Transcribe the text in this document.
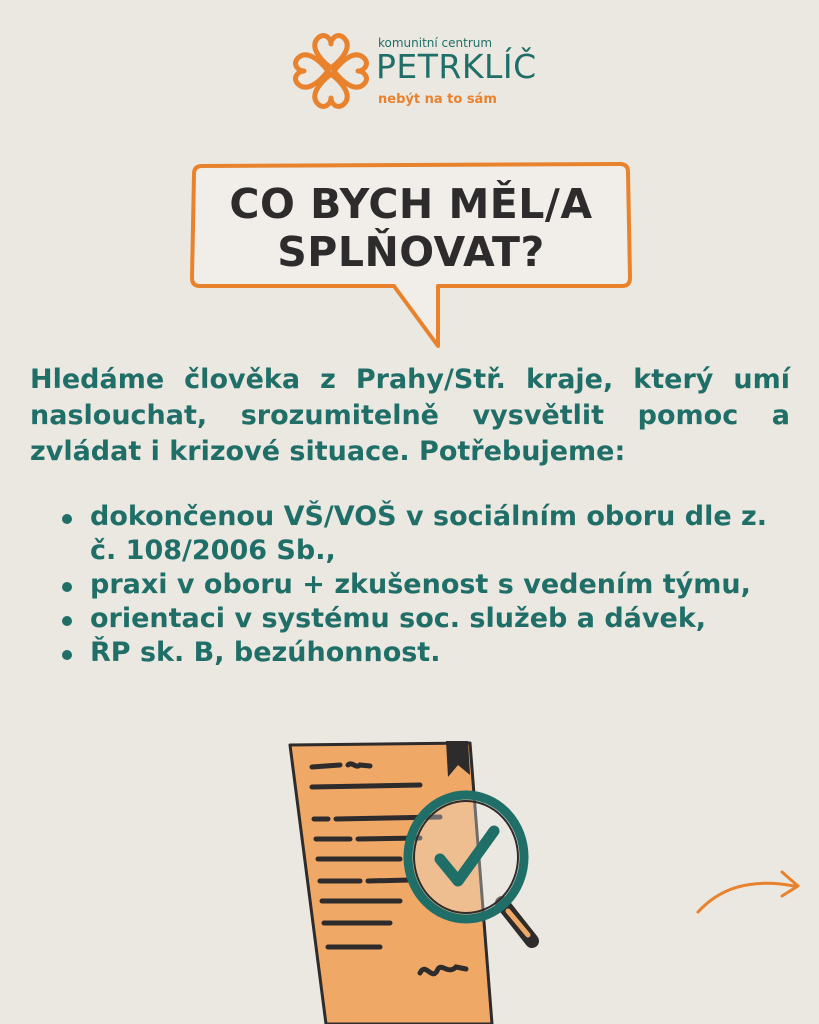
komunitní centrum
PETRKLÍČ
nebýt na to sám
CO BYCH MĚL/A
SPLŇOVAT?
Hledáme člověka z Prahy/Stř. kraje, který umí naslouchat, srozumitelně vysvětlit pomoc a zvládat i krizové situace. Potřebujeme:
dokončenou VŠ/VOŠ v sociálním oboru dle z. č. 108/2006 Sb.,
praxi v oboru + zkušenost s vedením týmu,
orientaci v systému soc. služeb a dávek,
ŘP sk. B, bezúhonnost.
